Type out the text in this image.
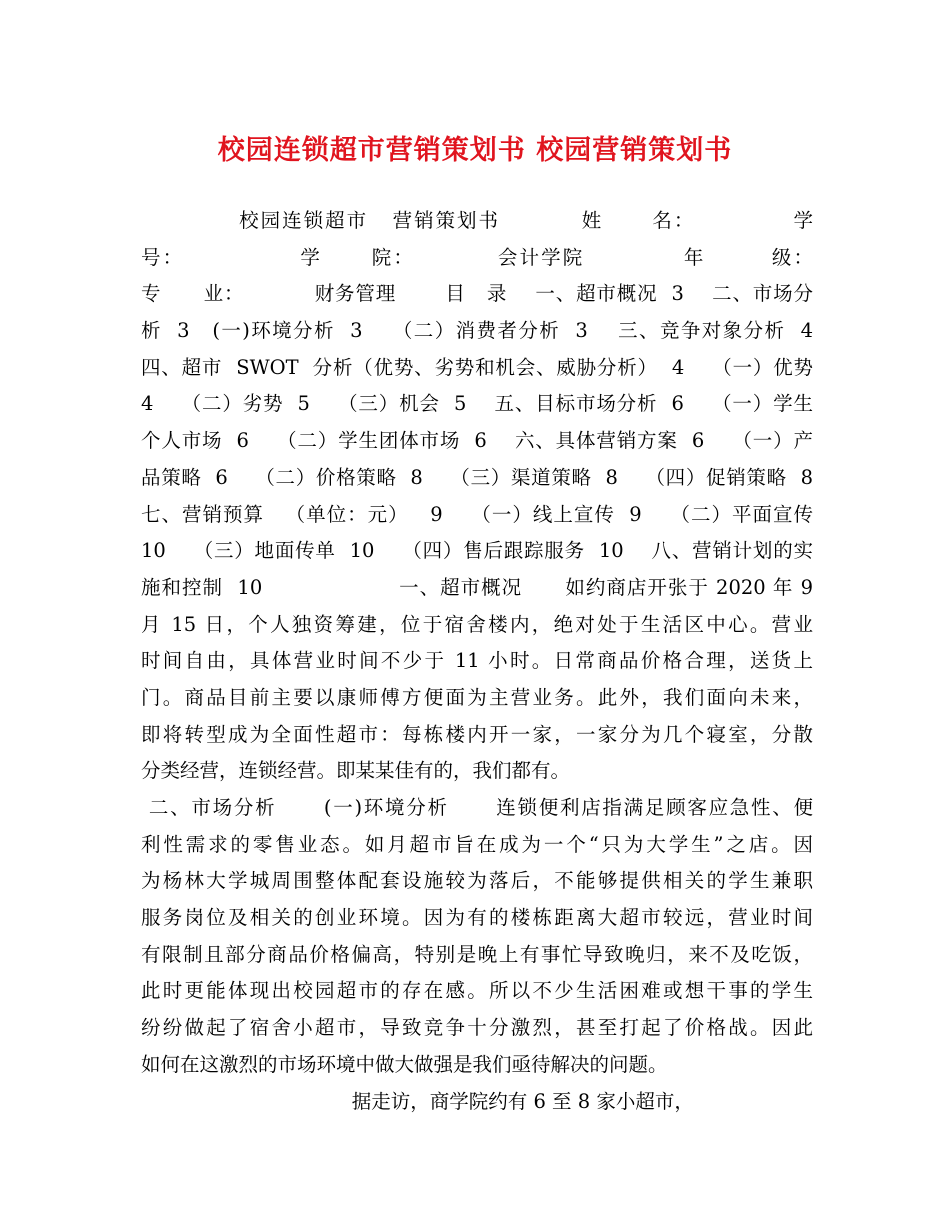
校园连锁超市营销策划书 校园营销策划书
校园连锁超市   营销策划书          姓      名：            学
号：              学      院：          会计学院            年        级：
专      业：          财务管理       目   录    一、超市概况  3    二、市场分
析  3   (一)环境分析  3    （二）消费者分析  3    三、竞争对象分析  4
四、超市  SWOT  分析（优势、劣势和机会、威胁分析）  4    （一）优势
4    （二）劣势  5    （三）机会  5    五、目标市场分析  6    （一）学生
个人市场  6    （二）学生团体市场  6    六、具体营销方案  6    （一）产
品策略  6    （二）价格策略  8    （三）渠道策略  8    （四）促销策略  8
七、营销预算   （单位：元）   9    （一）线上宣传  9    （二）平面宣传
10    （三）地面传单  10    （四）售后跟踪服务  10    八、营销计划的实
施和控制  10                   一、超市概况      如约商店开张于 2020 年 9
月 15 日，个人独资筹建，位于宿舍楼内，绝对处于生活区中心。营业
时间自由，具体营业时间不少于 11 小时。日常商品价格合理，送货上
门。商品目前主要以康师傅方便面为主营业务。此外，我们面向未来，
即将转型成为全面性超市：每栋楼内开一家，一家分为几个寝室，分散
分类经营，连锁经营。即某某佳有的，我们都有。
二、市场分析      (一)环境分析      连锁便利店指满足顾客应急性、便
利性需求的零售业态。如月超市旨在成为一个“只为大学生”之店。因
为杨林大学城周围整体配套设施较为落后，不能够提供相关的学生兼职
服务岗位及相关的创业环境。因为有的楼栋距离大超市较远，营业时间
有限制且部分商品价格偏高，特别是晚上有事忙导致晚归，来不及吃饭，
此时更能体现出校园超市的存在感。所以不少生活困难或想干事的学生
纷纷做起了宿舍小超市，导致竞争十分激烈，甚至打起了价格战。因此
如何在这激烈的市场环境中做大做强是我们亟待解决的问题。
据走访，商学院约有 6 至 8 家小超市，
